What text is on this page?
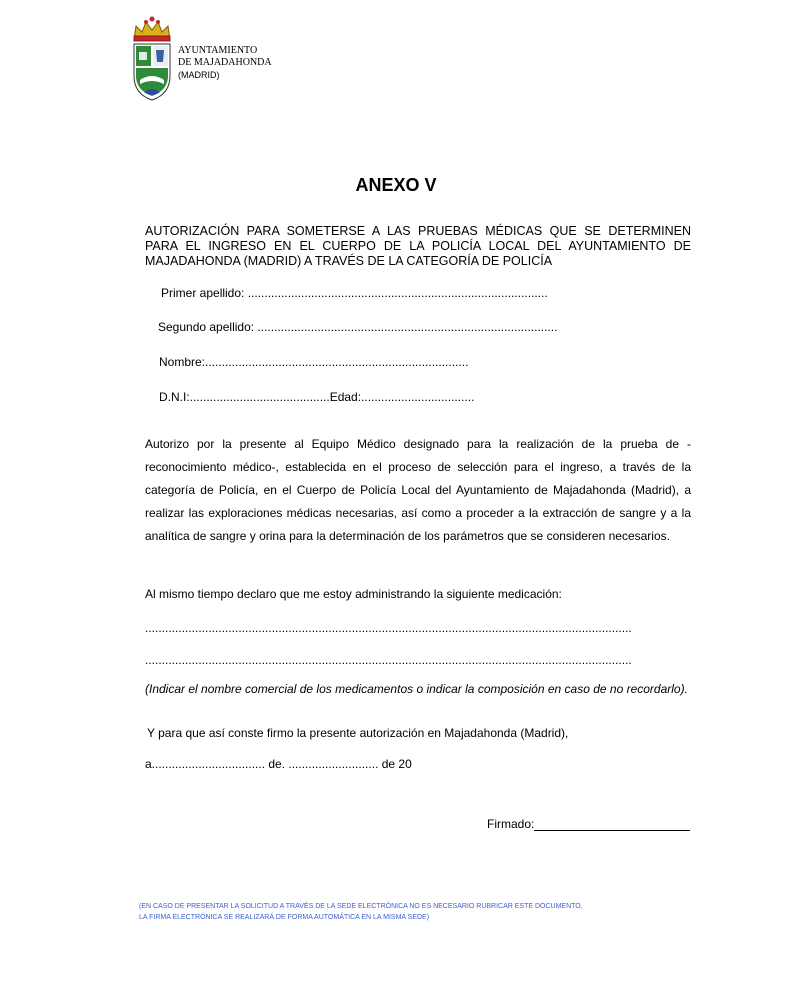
AYUNTAMIENTO
DE MAJADAHONDA
(MADRID)
ANEXO V
AUTORIZACIÓN PARA SOMETERSE A LAS PRUEBAS MÉDICAS QUE SE DETERMINEN PARA EL INGRESO EN EL CUERPO DE LA POLICÍA LOCAL DEL AYUNTAMIENTO DE MAJADAHONDA (MADRID) A TRAVÉS DE LA CATEGORÍA DE POLICÍA
Primer apellido: ..........................................................................................
Segundo apellido: ..........................................................................................
Nombre:...............................................................................
D.N.I:..........................................Edad:..................................
Autorizo por la presente al Equipo Médico designado para la realización de la prueba de -reconocimiento médico-, establecida en el proceso de selección para el ingreso, a través de la categoría de Policía, en el Cuerpo de Policía Local del Ayuntamiento de Majadahonda (Madrid), a realizar las exploraciones médicas necesarias, así como a proceder a la extracción de sangre y a la analítica de sangre y orina para la determinación de los parámetros que se consideren necesarios.
Al mismo tiempo declaro que me estoy administrando la siguiente medicación:
..................................................................................................................................................
..................................................................................................................................................
(Indicar el nombre comercial de los medicamentos o indicar la composición en caso de no recordarlo).
Y para que así conste firmo la presente autorización en Majadahonda (Madrid),
a.................................. de. ........................... de 20
Firmado:
(EN CASO DE PRESENTAR LA SOLICITUD A TRAVÉS DE LA SEDE ELECTRÓNICA NO ES NECESARIO RUBRICAR ESTE DOCUMENTO,
LA FIRMA ELECTRÓNICA SE REALIZARÁ DE FORMA AUTOMÁTICA EN LA MISMA SEDE)
